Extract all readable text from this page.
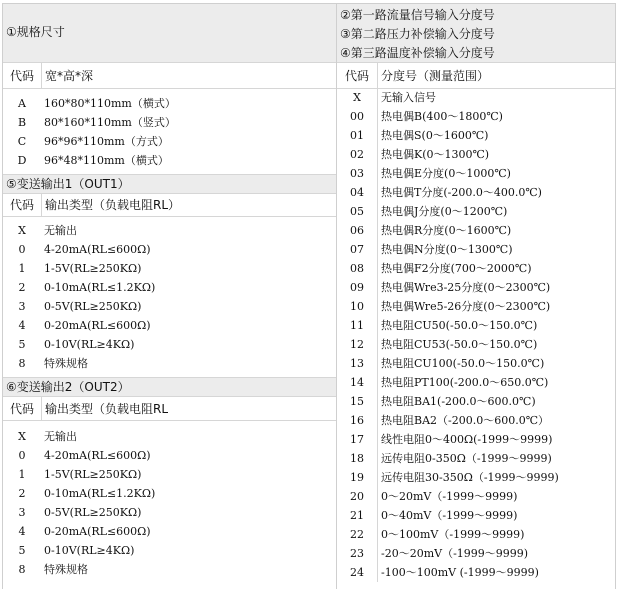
①规格尺寸
代码 宽*高*深
A	160*80*110mm（横式）
B	80*160*110mm（竖式）
C	96*96*110mm（方式）
D	96*48*110mm（横式）
⑤变送输出1（OUT1）
代码 输出类型（负载电阻RL）
X	无输出
0	4-20mA(RL≤600Ω)
1	1-5V(RL≥250KΩ)
2	0-10mA(RL≤1.2KΩ)
3	0-5V(RL≥250KΩ)
4	0-20mA(RL≤600Ω)
5	0-10V(RL≥4KΩ)
8	特殊规格
⑥变送输出2（OUT2）
代码 输出类型（负载电阻RL
X	无输出
0	4-20mA(RL≤600Ω)
1	1-5V(RL≥250KΩ)
2	0-10mA(RL≤1.2KΩ)
3	0-5V(RL≥250KΩ)
4	0-20mA(RL≤600Ω)
5	0-10V(RL≥4KΩ)
8	特殊规格
②第一路流量信号输入分度号
③第二路压力补偿输入分度号
④第三路温度补偿输入分度号
代码	分度号（测量范围）
X	无输入信号
00	热电偶B(400～1800℃)
01	热电偶S(0～1600℃)
02	热电偶K(0～1300℃)
03	热电偶E分度(0～1000℃)
04	热电偶T分度(-200.0～400.0℃)
05	热电偶J分度(0～1200℃)
06	热电偶R分度(0～1600℃)
07	热电偶N分度(0～1300℃)
08	热电偶F2分度(700～2000℃)
09	热电偶Wre3-25分度(0～2300℃)
10	热电偶Wre5-26分度(0～2300℃)
11	热电阻CU50(-50.0～150.0℃)
12	热电阻CU53(-50.0～150.0℃)
13	热电阻CU100(-50.0～150.0℃)
14	热电阻PT100(-200.0～650.0℃)
15	热电阻BA1(-200.0～600.0℃)
16	热电阻BA2（-200.0～600.0℃）
17	线性电阻0～400Ω(-1999～9999)
18	远传电阻0-350Ω（-1999～9999)
19	远传电阻30-350Ω（-1999～9999)
20	0～20mV（-1999～9999)
21	0～40mV（-1999～9999)
22	0～100mV（-1999～9999)
23	-20～20mV（-1999～9999)
24	-100～100mV (-1999～9999)
